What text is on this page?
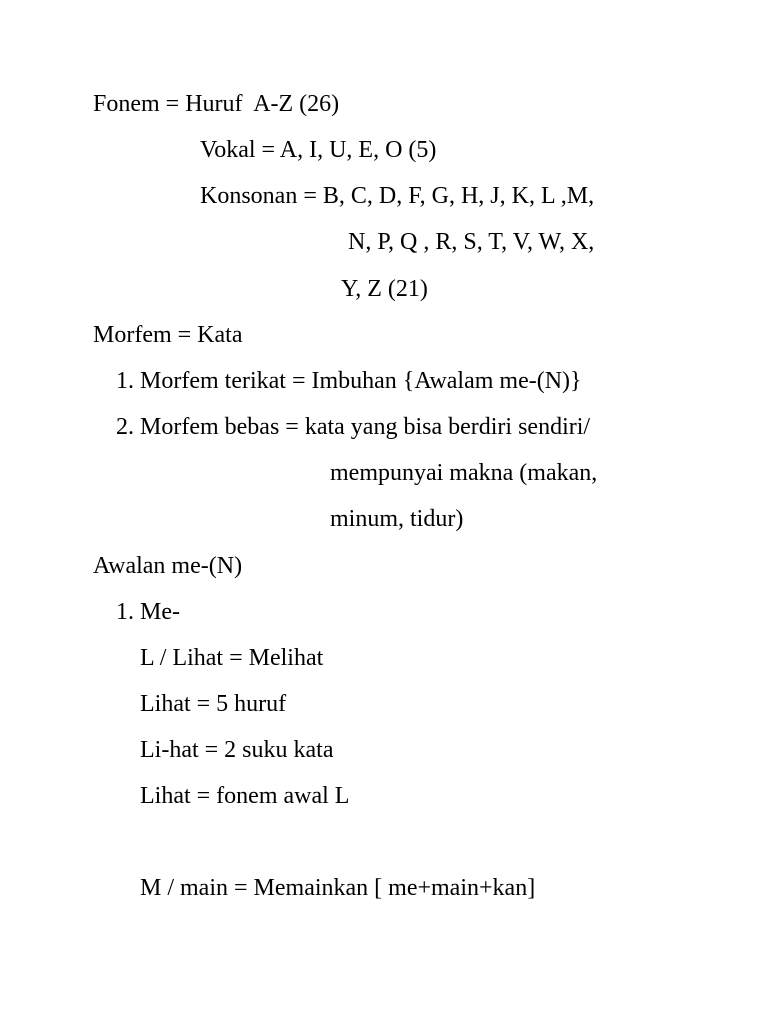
Fonem = Huruf  A-Z (26)
Vokal = A, I, U, E, O (5)
Konsonan = B, C, D, F, G, H, J, K, L ,M,
N, P, Q , R, S, T, V, W, X,
Y, Z (21)
Morfem = Kata
1. Morfem terikat = Imbuhan {Awalam me-(N)}
2. Morfem bebas = kata yang bisa berdiri sendiri/
mempunyai makna (makan,
minum, tidur)
Awalan me-(N)
1. Me-
L / Lihat = Melihat
Lihat = 5 huruf
Li-hat = 2 suku kata
Lihat = fonem awal L
M / main = Memainkan [ me+main+kan]
